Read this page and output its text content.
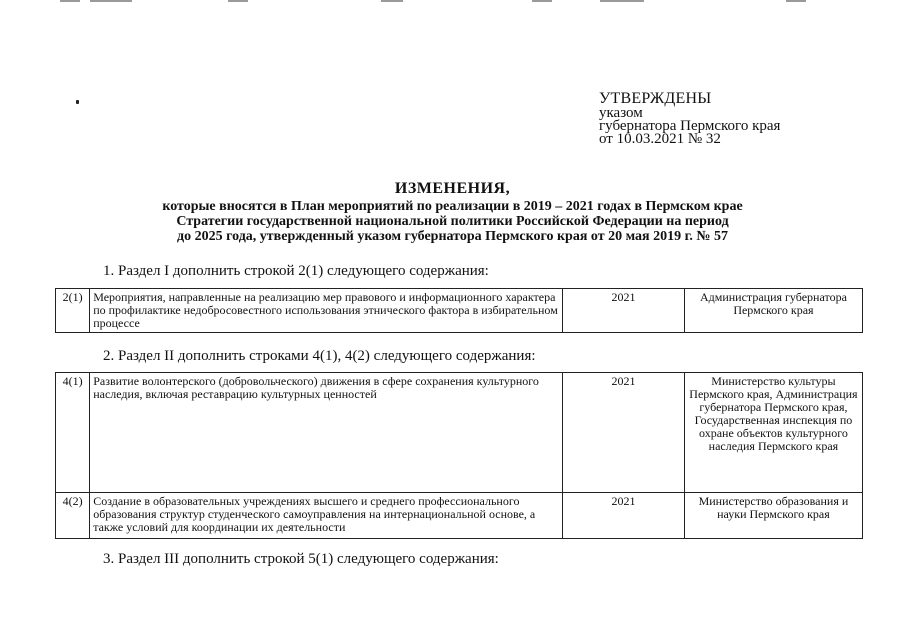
УТВЕРЖДЕНЫ
указом
губернатора Пермского края
от 10.03.2021 № 32
ИЗМЕНЕНИЯ,
которые вносятся в План мероприятий по реализации в 2019 – 2021 годах в Пермском крае
Стратегии государственной национальной политики Российской Федерации на период
до 2025 года, утвержденный указом губернатора Пермского края от 20 мая 2019 г. № 57
1. Раздел I дополнить строкой 2(1) следующего содержания:
2(1)	Мероприятия, направленные на реализацию мер правового и информационного характера по профилактике недобросовестного использования этнического фактора в избирательном процессе	2021	Администрация губернатора Пермского края
2. Раздел II дополнить строками 4(1), 4(2) следующего содержания:
4(1)	Развитие волонтерского (добровольческого) движения в сфере сохранения культурного наследия, включая реставрацию культурных ценностей	2021	Министерство культуры Пермского края, Администрация губернатора Пермского края, Государственная инспекция по охране объектов культурного наследия Пермского края
4(2)	Создание в образовательных учреждениях высшего и среднего профессионального образования структур студенческого самоуправления на интернациональной основе, а также условий для координации их деятельности	2021	Министерство образования и науки Пермского края
3. Раздел III дополнить строкой 5(1) следующего содержания:
